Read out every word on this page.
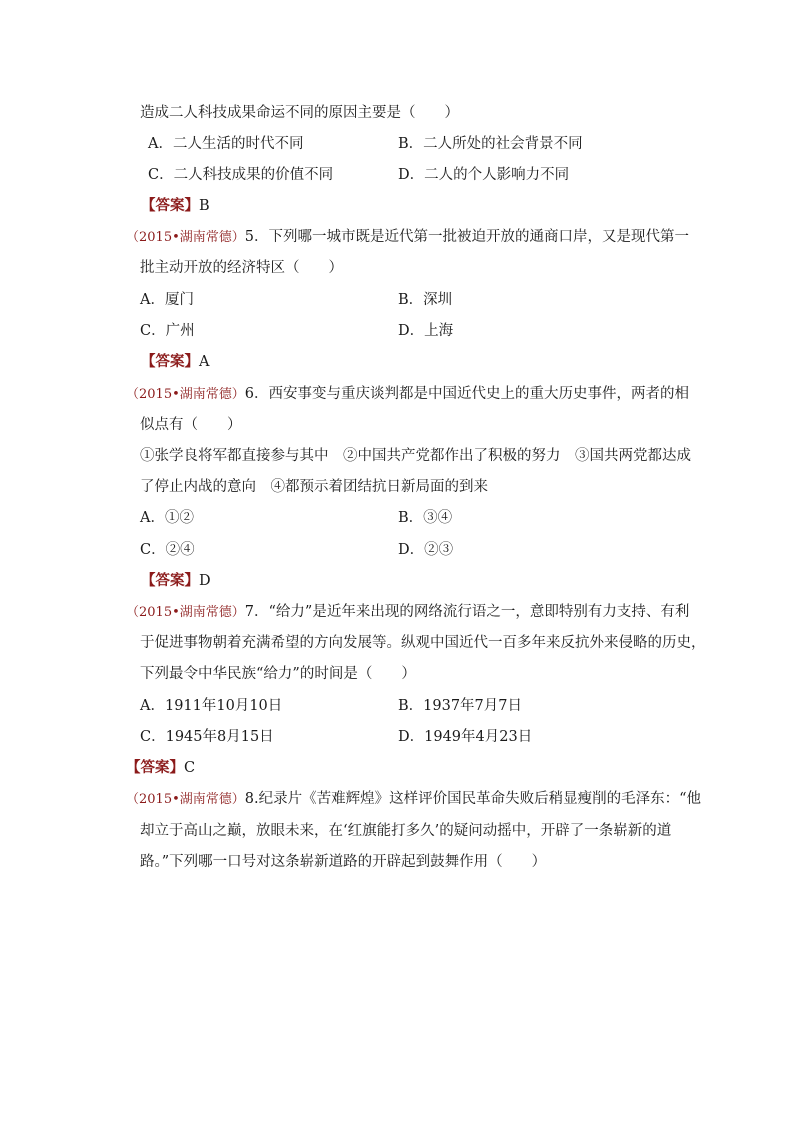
造成二人科技成果命运不同的原因主要是（　　）
A．二人生活的时代不同	B．二人所处的社会背景不同
C．二人科技成果的价值不同	D．二人的个人影响力不同
【答案】B
（2015•湖南常德）5．下列哪一城市既是近代第一批被迫开放的通商口岸，又是现代第一
批主动开放的经济特区（　　）
A．厦门	B．深圳
C．广州	D．上海
【答案】A
（2015•湖南常德）6．西安事变与重庆谈判都是中国近代史上的重大历史事件，两者的相
似点有（　　）
①张学良将军都直接参与其中　②中国共产党都作出了积极的努力　③国共两党都达成
了停止内战的意向　④都预示着团结抗日新局面的到来
A．①②	B．③④
C．②④	D．②③
【答案】D
（2015•湖南常德）7．“给力”是近年来出现的网络流行语之一，意即特别有力支持、有利
于促进事物朝着充满希望的方向发展等。纵观中国近代一百多年来反抗外来侵略的历史，
下列最令中华民族“给力”的时间是（　　）
A．1911年10月10日	B．1937年7月7日
C．1945年8月15日	D．1949年4月23日
【答案】C
（2015•湖南常德）8.纪录片《苦难辉煌》这样评价国民革命失败后稍显瘦削的毛泽东：“他
却立于高山之巅，放眼未来，在‘红旗能打多久’的疑问动摇中，开辟了一条崭新的道
路。”下列哪一口号对这条崭新道路的开辟起到鼓舞作用（　　）
